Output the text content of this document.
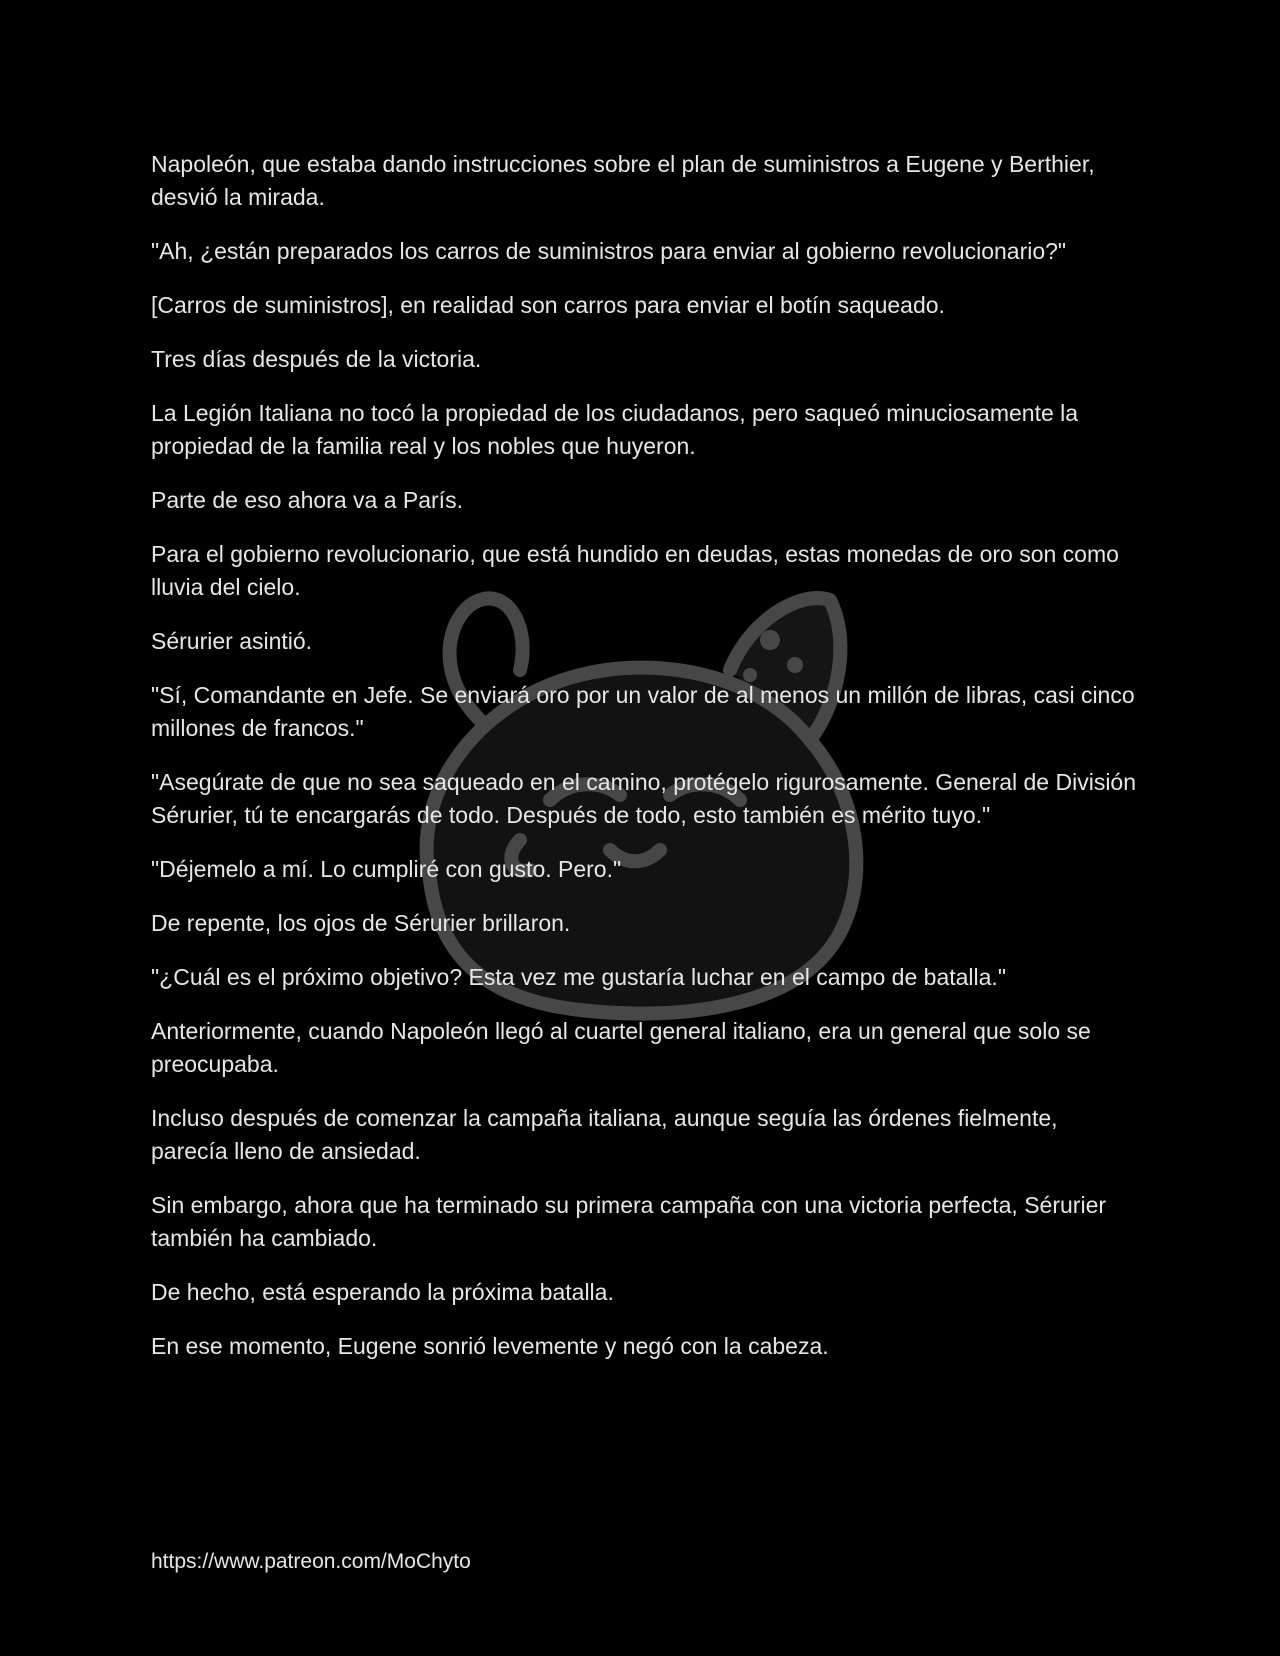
Napoleón, que estaba dando instrucciones sobre el plan de suministros a Eugene y Berthier, desvió la mirada.

"Ah, ¿están preparados los carros de suministros para enviar al gobierno revolucionario?"

[Carros de suministros], en realidad son carros para enviar el botín saqueado.

Tres días después de la victoria.

La Legión Italiana no tocó la propiedad de los ciudadanos, pero saqueó minuciosamente la propiedad de la familia real y los nobles que huyeron.

Parte de eso ahora va a París.

Para el gobierno revolucionario, que está hundido en deudas, estas monedas de oro son como lluvia del cielo.

Sérurier asintió.

"Sí, Comandante en Jefe. Se enviará oro por un valor de al menos un millón de libras, casi cinco millones de francos."

"Asegúrate de que no sea saqueado en el camino, protégelo rigurosamente. General de División Sérurier, tú te encargarás de todo. Después de todo, esto también es mérito tuyo."

"Déjemelo a mí. Lo cumpliré con gusto. Pero."

De repente, los ojos de Sérurier brillaron.

"¿Cuál es el próximo objetivo? Esta vez me gustaría luchar en el campo de batalla."

Anteriormente, cuando Napoleón llegó al cuartel general italiano, era un general que solo se preocupaba.

Incluso después de comenzar la campaña italiana, aunque seguía las órdenes fielmente, parecía lleno de ansiedad.

Sin embargo, ahora que ha terminado su primera campaña con una victoria perfecta, Sérurier también ha cambiado.

De hecho, está esperando la próxima batalla.

En ese momento, Eugene sonrió levemente y negó con la cabeza.

https://www.patreon.com/MoChyto
